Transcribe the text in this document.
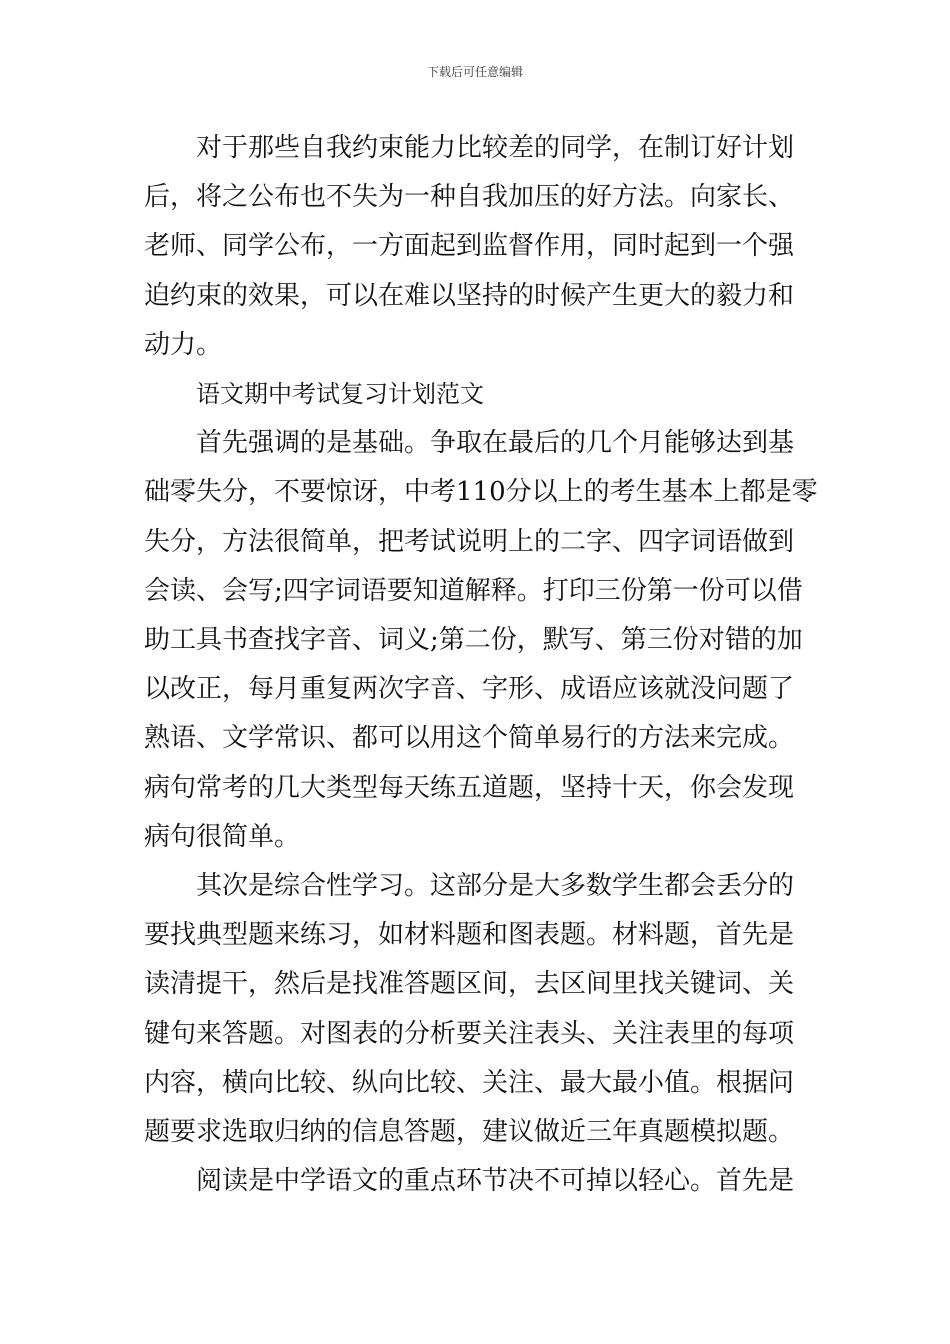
下载后可任意编辑
对于那些自我约束能力比较差的同学，在制订好计划
后，将之公布也不失为一种自我加压的好方法。向家长、
老师、同学公布，一方面起到监督作用，同时起到一个强
迫约束的效果，可以在难以坚持的时候产生更大的毅力和
动力。
语文期中考试复习计划范文
首先强调的是基础。争取在最后的几个月能够达到基
础零失分，不要惊讶，中考110分以上的考生基本上都是零
失分，方法很简单，把考试说明上的二字、四字词语做到
会读、会写;四字词语要知道解释。打印三份第一份可以借
助工具书查找字音、词义;第二份，默写、第三份对错的加
以改正，每月重复两次字音、字形、成语应该就没问题了
熟语、文学常识、都可以用这个简单易行的方法来完成。
病句常考的几大类型每天练五道题，坚持十天，你会发现
病句很简单。
其次是综合性学习。这部分是大多数学生都会丢分的
要找典型题来练习，如材料题和图表题。材料题，首先是
读清提干，然后是找准答题区间，去区间里找关键词、关
键句来答题。对图表的分析要关注表头、关注表里的每项
内容，横向比较、纵向比较、关注、最大最小值。根据问
题要求选取归纳的信息答题，建议做近三年真题模拟题。
阅读是中学语文的重点环节决不可掉以轻心。首先是
